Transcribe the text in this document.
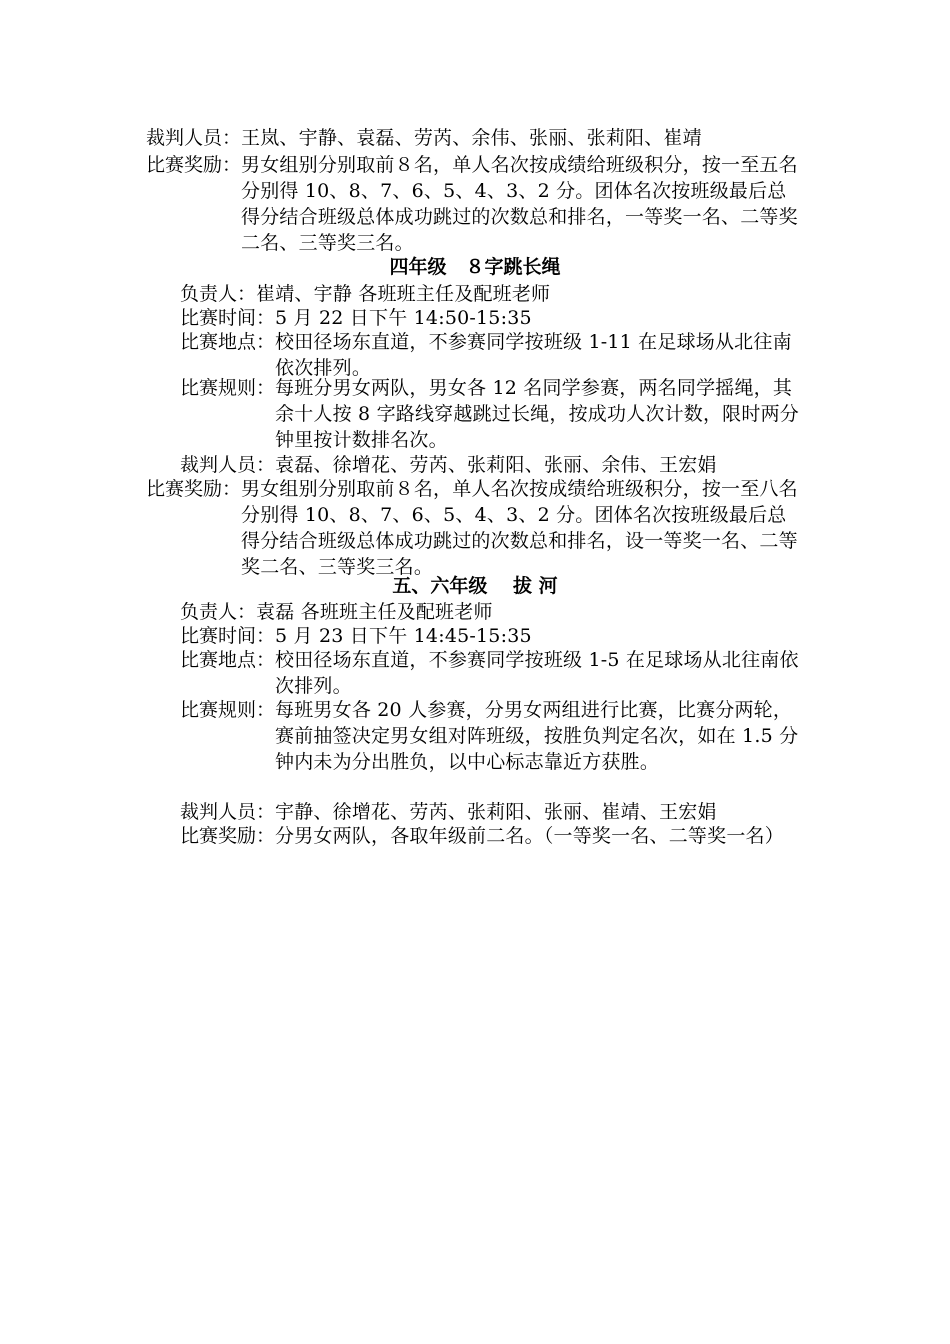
裁判人员： 王岚、宇静、袁磊、劳芮、余伟、张丽、张莉阳、崔靖
比赛奖励： 男女组别分别取前８名，单人名次按成绩给班级积分，按一至五名分别得 10、8、7、6、5、4、3、2 分。团体名次按班级最后总得分结合班级总体成功跳过的次数总和排名，一等奖一名、二等奖二名、三等奖三名。
四年级　８字跳长绳
负责人： 崔靖、宇静 各班班主任及配班老师
比赛时间： 5 月 22 日下午 14:50-15:35
比赛地点： 校田径场东直道，不参赛同学按班级 1-11 在足球场从北往南依次排列。
比赛规则： 每班分男女两队，男女各 12 名同学参赛，两名同学摇绳，其余十人按 8 字路线穿越跳过长绳，按成功人次计数，限时两分钟里按计数排名次。
裁判人员： 袁磊、徐增花、劳芮、张莉阳、张丽、余伟、王宏娟
比赛奖励： 男女组别分别取前８名，单人名次按成绩给班级积分，按一至八名分别得 10、8、7、6、5、4、3、2 分。团体名次按班级最后总得分结合班级总体成功跳过的次数总和排名，设一等奖一名、二等奖二名、三等奖三名。
五、六年级　 拔 河
负责人： 袁磊 各班班主任及配班老师
比赛时间： 5 月 23 日下午 14:45-15:35
比赛地点： 校田径场东直道，不参赛同学按班级 1-5 在足球场从北往南依次排列。
比赛规则： 每班男女各 20 人参赛，分男女两组进行比赛，比赛分两轮，赛前抽签决定男女组对阵班级，按胜负判定名次，如在 1.5 分钟内未为分出胜负，以中心标志靠近方获胜。
裁判人员： 宇静、徐增花、劳芮、张莉阳、张丽、崔靖、王宏娟
比赛奖励： 分男女两队，各取年级前二名。（一等奖一名、二等奖一名）
